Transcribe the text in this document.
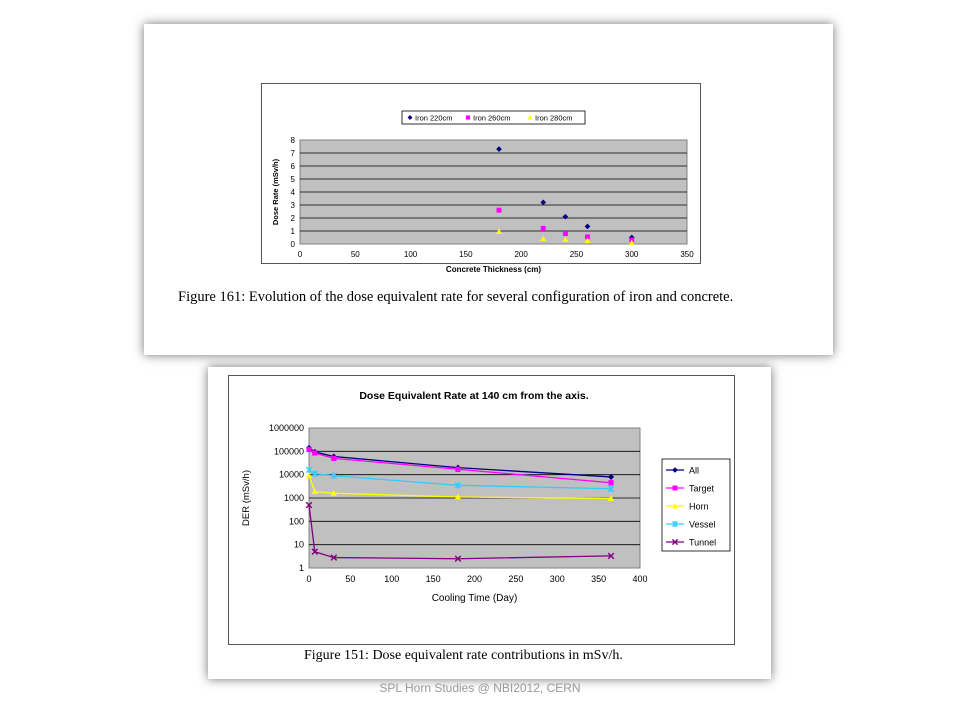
0
1
2
3
4
5
6
7
8
0	50	100	150	200	250	300	350
Concrete Thickness (cm)
Dose Rate (mSv/h)
Iron 220cm	Iron 260cm	Iron 280cm
Figure 161: Evolution of the dose equivalent rate for several configuration of iron and concrete.
Dose Equivalent Rate at 140 cm from the axis.
1
10
100
1000
10000
100000
1000000
0	50	100	150	200	250	300	350	400
Cooling Time (Day)
DER (mSv/h)	All
Target
Horn
Vessel
Tunnel
Figure 151: Dose equivalent rate contributions in mSv/h.
SPL Horn Studies @ NBI2012, CERN
